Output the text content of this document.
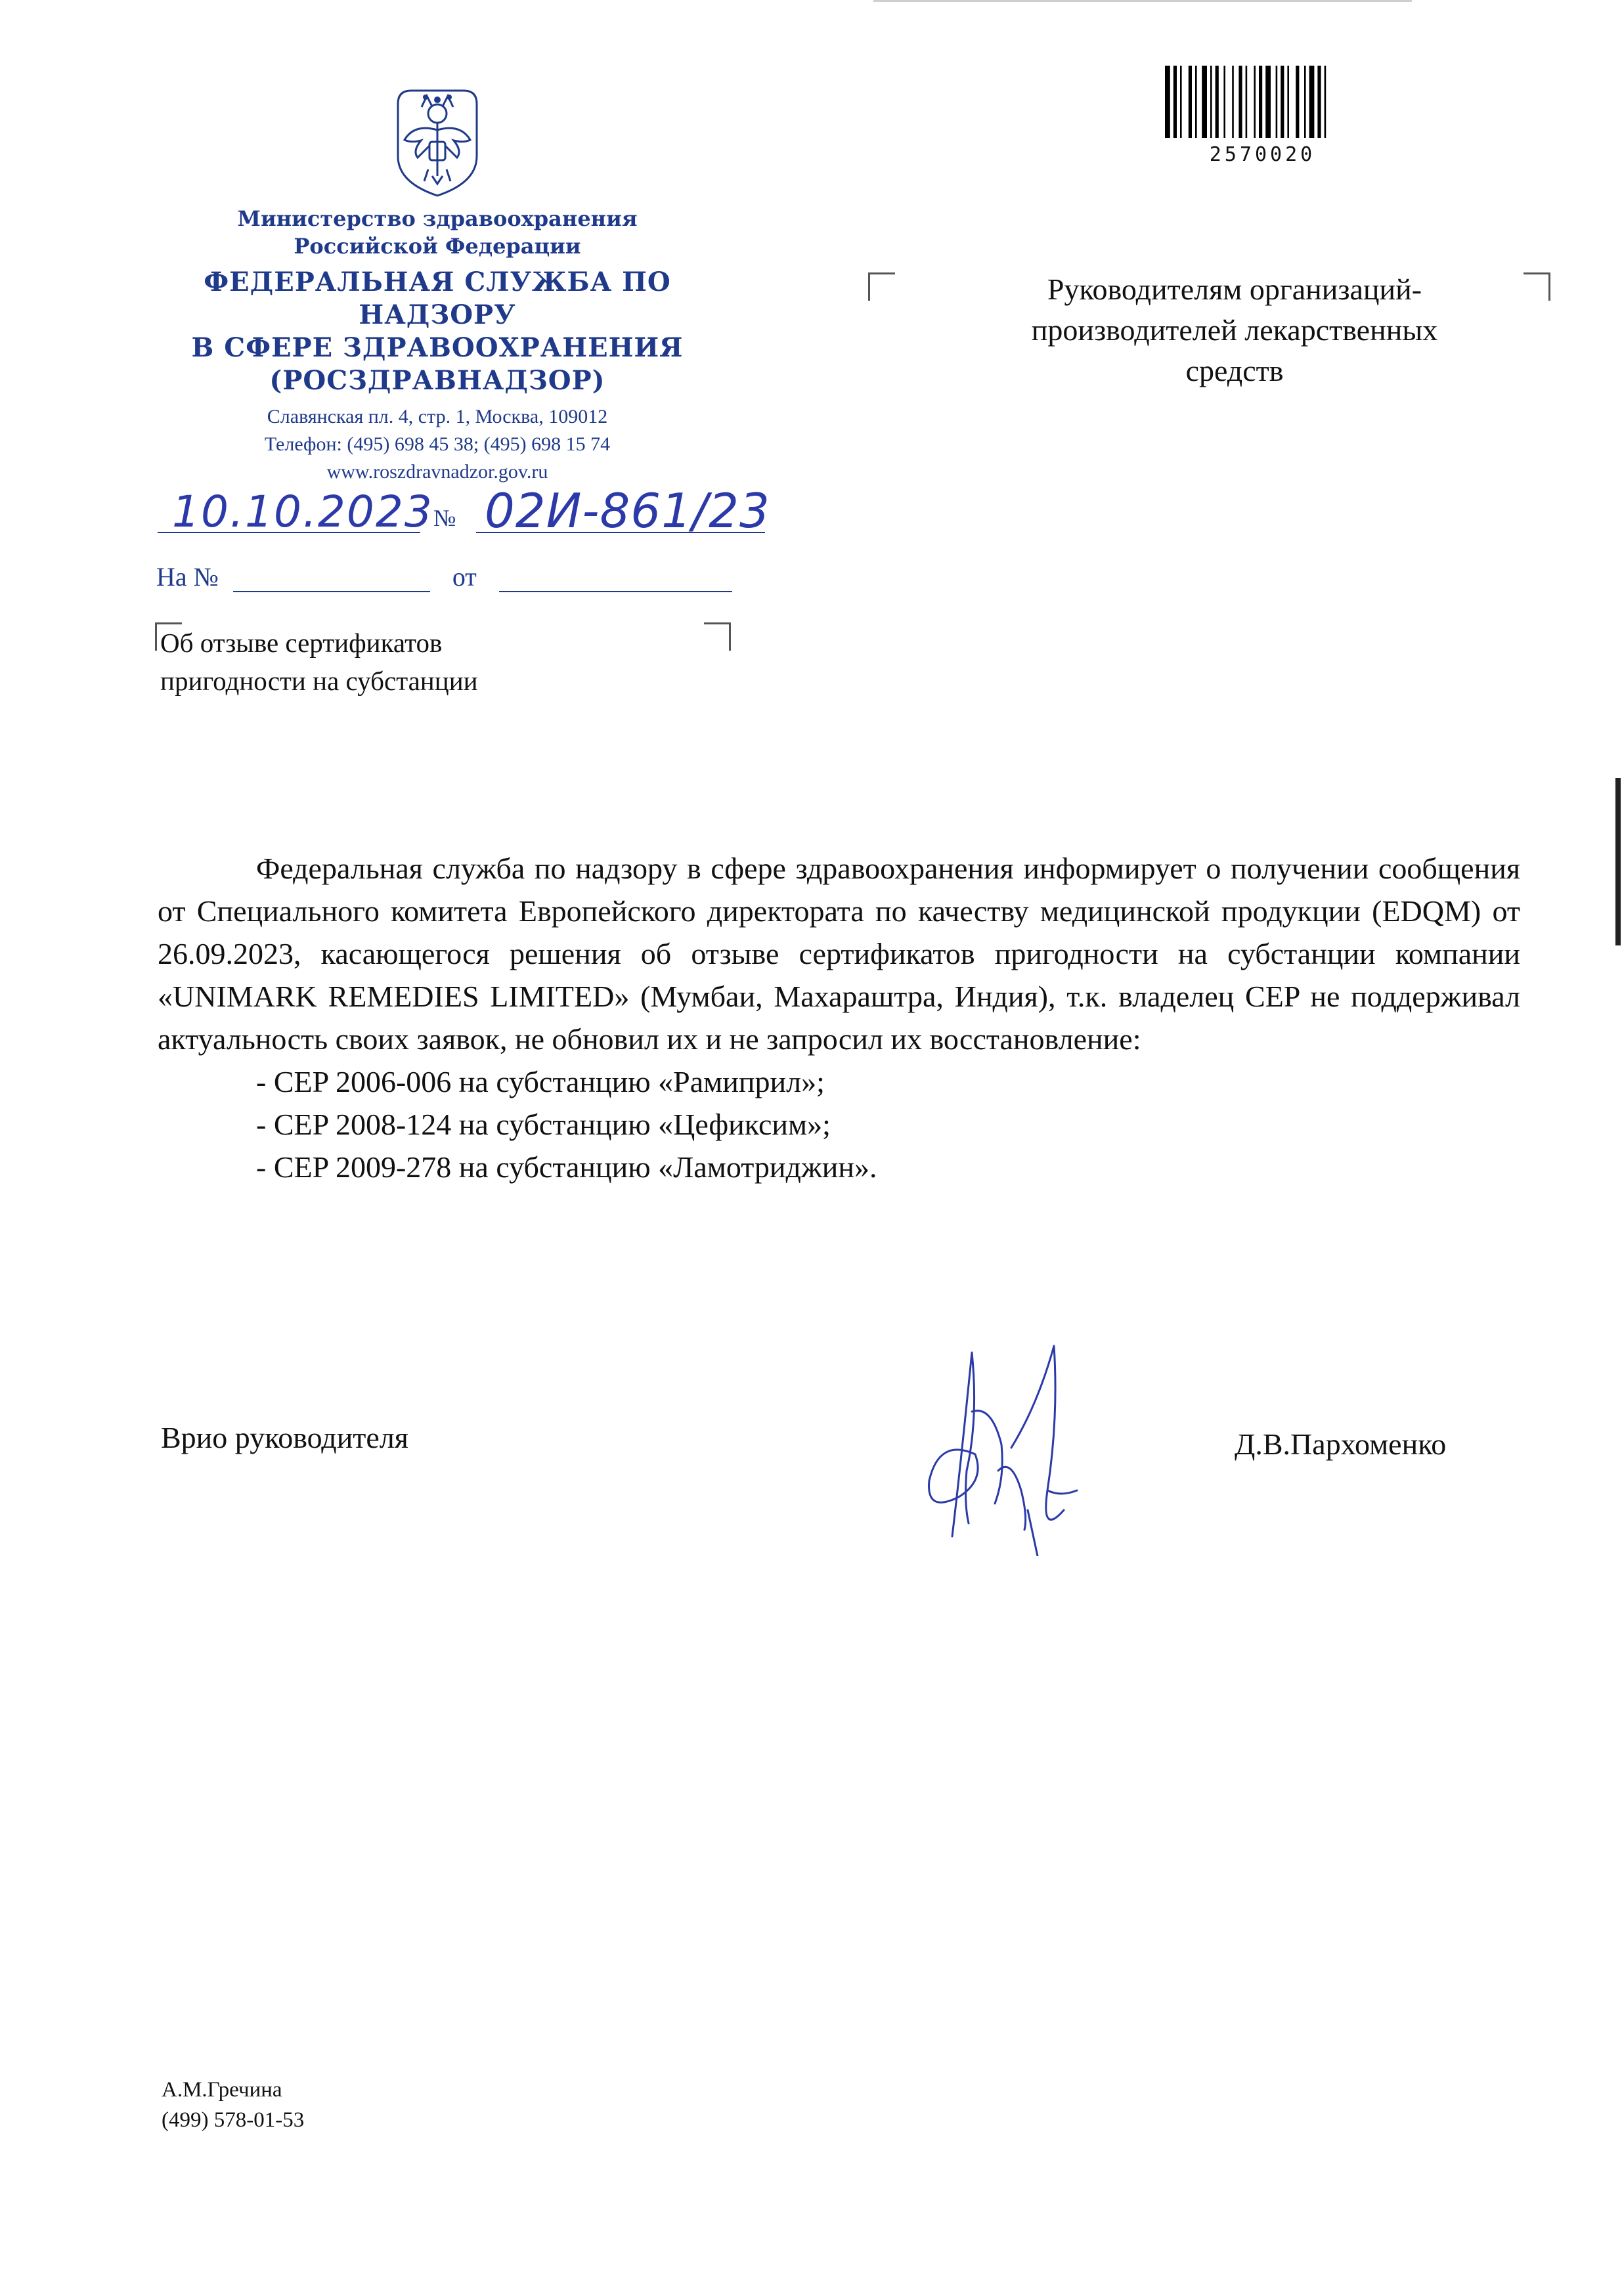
Министерство здравоохранения
Российской Федерации
ФЕДЕРАЛЬНАЯ СЛУЖБА ПО НАДЗОРУ
В СФЕРЕ ЗДРАВООХРАНЕНИЯ
(РОСЗДРАВНАДЗОР)
Славянская пл. 4, стр. 1, Москва, 109012
Телефон: (495) 698 45 38; (495) 698 15 74
www.roszdravnadzor.gov.ru
10.10.2023 № 02И-861/23
На №	от
Об отзыве сертификатов
пригодности на субстанции
Руководителям организаций-
производителей лекарственных
средств
2570020

Федеральная служба по надзору в сфере здравоохранения информирует о получении сообщения от Специального комитета Европейского директората по качеству медицинской продукции (EDQM) от 26.09.2023, касающегося решения об отзыве сертификатов пригодности на субстанции компании «UNIMARK REMEDIES LIMITED» (Мумбаи, Махараштра, Индия), т.к. владелец CEP не поддерживал актуальность своих заявок, не обновил их и не запросил их восстановление:

- CEP 2006-006 на субстанцию «Рамиприл»;
- CEP 2008-124 на субстанцию «Цефиксим»;
- CEP 2009-278 на субстанцию «Ламотриджин».
Врио руководителя	Д.В.Пархоменко
А.М.Гречина
(499) 578-01-53
